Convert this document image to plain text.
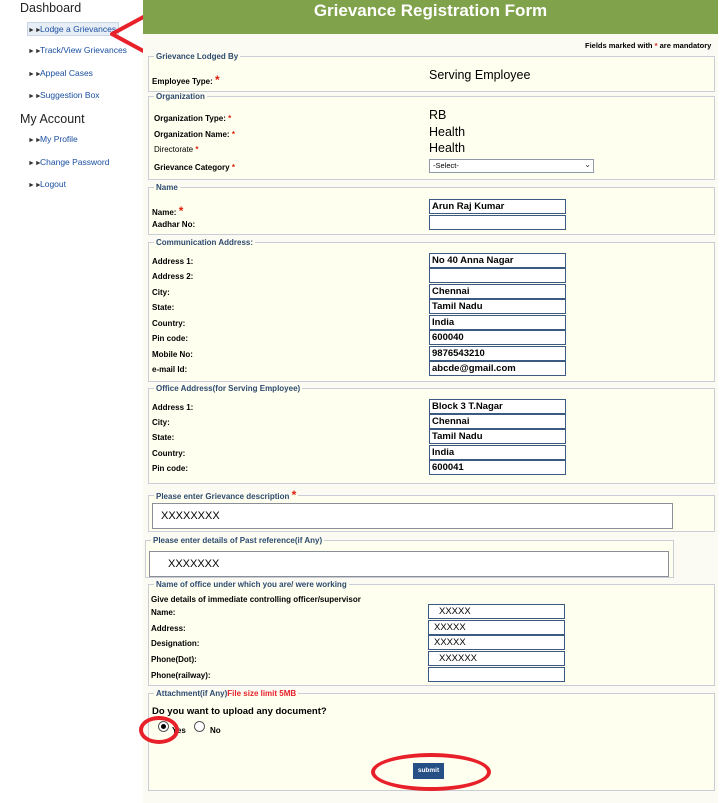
Dashboard
►►Lodge a Grievances
►►Track/View Grievances
►►Appeal Cases
►►Suggestion Box
My Account
►►My Profile
►►Change Password
►►Logout
Grievance Registration Form
Fields marked with * are mandatory
Grievance Lodged By
Employee Type: *	Serving Employee
Organization
Organization Type: *	RB
Organization Name: *	Health
Directorate *	Health
Grievance Category *	-Select-	⌄
Name
Name: *	Arun Raj Kumar
Aadhar No:
Communication Address:
Address 1:	No 40 Anna Nagar
Address 2:
City:	Chennai
State:	Tamil Nadu
Country:	India
Pin code:	600040
Mobile No:	9876543210
e-mail Id:	abcde@gmail.com
Office Address(for Serving Employee)
Address 1:	Block 3 T.Nagar
City:	Chennai
State:	Tamil Nadu
Country:	India
Pin code:	600041
Please enter Grievance description *
XXXXXXXX
Please enter details of Past reference(if Any)
XXXXXXX
Name of office under which you are/ were working
Give details of immediate controlling officer/supervisor
Name:	XXXXX
Address:	XXXXX
Designation:	XXXXX
Phone(Dot):	XXXXXX
Phone(railway):
Attachment(if Any)File size limit 5MB
Do you want to upload any document?
Yes	No
submit
